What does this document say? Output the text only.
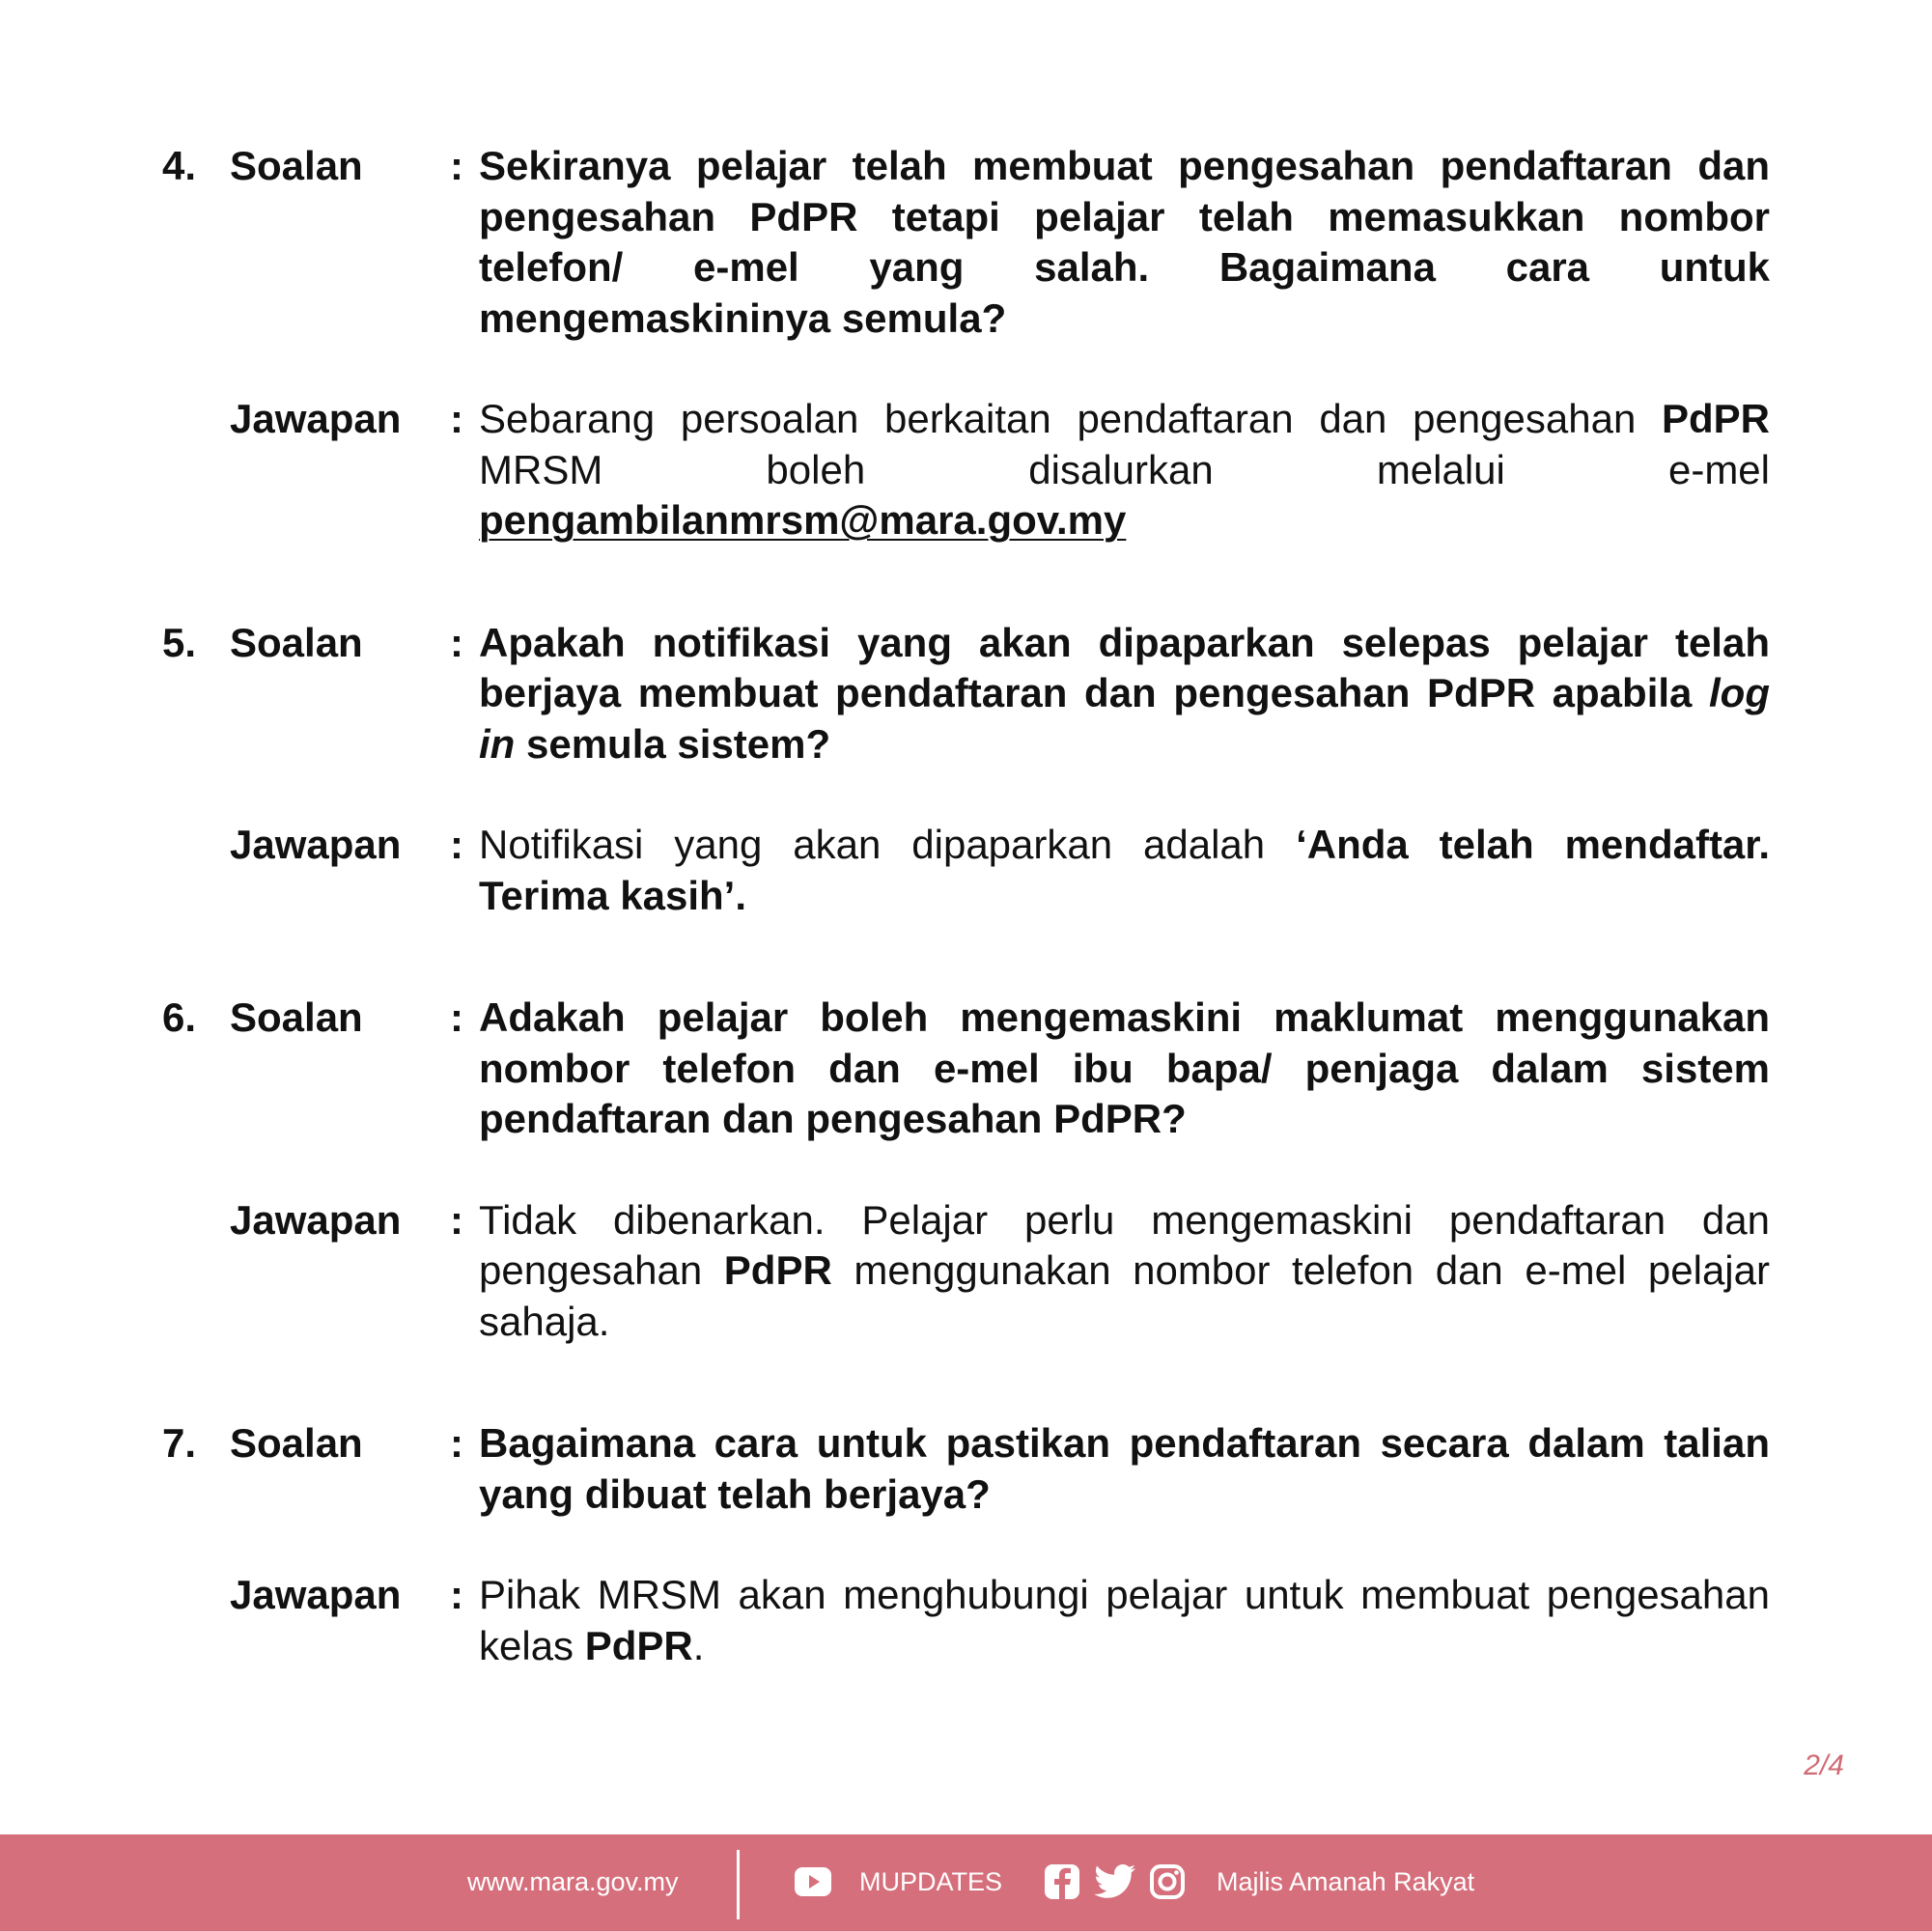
4. Soalan	: Sekiranya pelajar telah membuat pengesahan pendaftaran dan pengesahan PdPR tetapi pelajar telah memasukkan nombor telefon/ e-mel yang salah. Bagaimana cara untuk mengemaskininya semula?
Jawapan	: Sebarang persoalan berkaitan pendaftaran dan pengesahan PdPR MRSM boleh disalurkan melalui e-mel pengambilanmrsm@mara.gov.my
5. Soalan	: Apakah notifikasi yang akan dipaparkan selepas pelajar telah berjaya membuat pendaftaran dan pengesahan PdPR apabila log in semula sistem?
Jawapan	: Notifikasi yang akan dipaparkan adalah ‘Anda telah mendaftar. Terima kasih’.
6. Soalan	: Adakah pelajar boleh mengemaskini maklumat menggunakan nombor telefon dan e-mel ibu bapa/ penjaga dalam sistem pendaftaran dan pengesahan PdPR?
Jawapan	: Tidak dibenarkan. Pelajar perlu mengemaskini pendaftaran dan pengesahan PdPR menggunakan nombor telefon dan e-mel pelajar sahaja.
7. Soalan	: Bagaimana cara untuk pastikan pendaftaran secara dalam talian yang dibuat telah berjaya?
Jawapan	: Pihak MRSM akan menghubungi pelajar untuk membuat pengesahan kelas PdPR.
2/4
www.mara.gov.my	MUPDATES	Majlis Amanah Rakyat
